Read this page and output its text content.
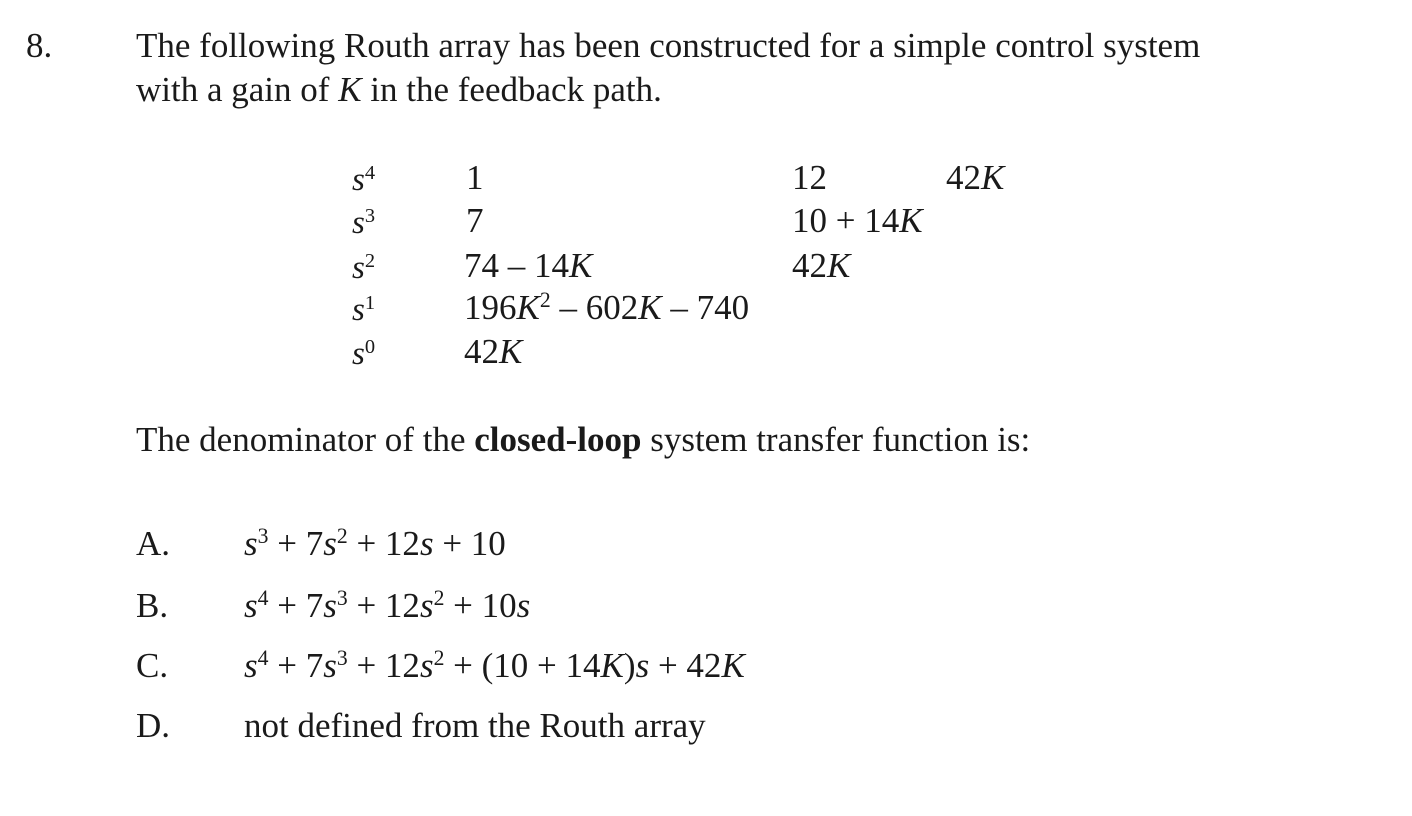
8. The following Routh array has been constructed for a simple control system
with a gain of K in the feedback path.
$s^4$	1	12	42K
$s^3$	7	10 + 14K
$s^2$	74 – 14K	42K
$s^1$	$196K^2 - 602K - 740$
$s^0$	42K
The denominator of the closed-loop system transfer function is:
A. $s^3 + 7s^2 + 12s + 10$
B. $s^4 + 7s^3 + 12s^2 + 10s$
C. $s^4 + 7s^3 + 12s^2 + (10 + 14K)s + 42K$
D. not defined from the Routh array
